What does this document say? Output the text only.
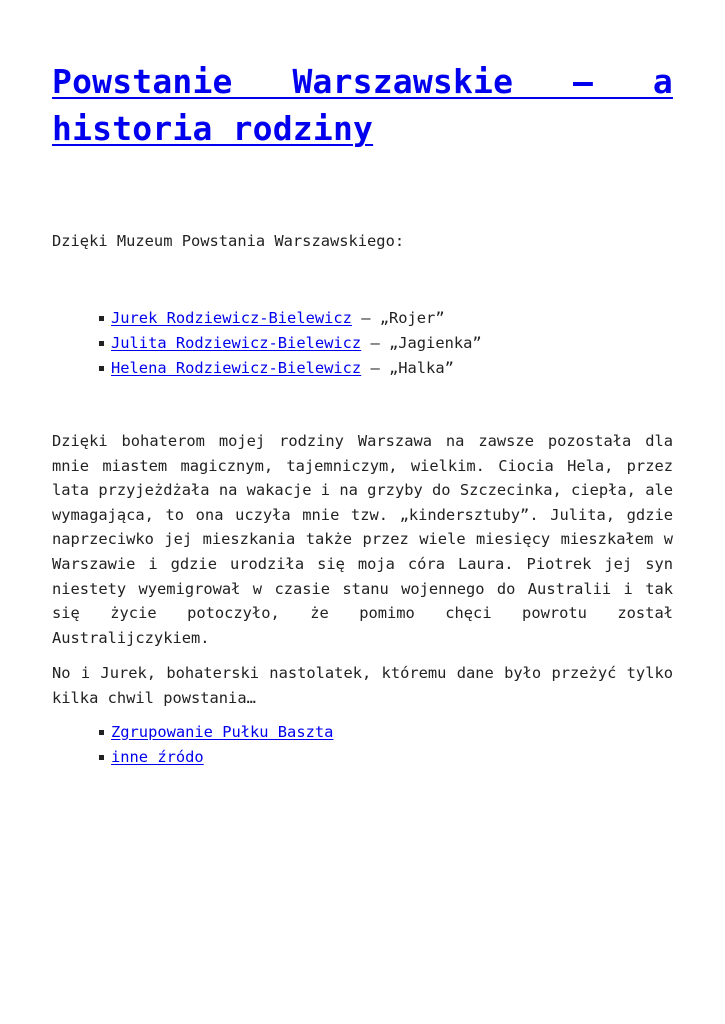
Powstanie Warszawskie – a historia rodziny

Dzięki Muzeum Powstania Warszawskiego:

Jurek Rodziewicz-Bielewicz – „Rojer”
Julita Rodziewicz-Bielewicz – „Jagienka”
Helena Rodziewicz-Bielewicz – „Halka”

Dzięki bohaterom mojej rodziny Warszawa na zawsze pozostała dla mnie miastem magicznym, tajemniczym, wielkim. Ciocia Hela, przez lata przyjeżdżała na wakacje i na grzyby do Szczecinka, ciepła, ale wymagająca, to ona uczyła mnie tzw. „kindersztuby”. Julita, gdzie naprzeciwko jej mieszkania także przez wiele miesięcy mieszkałem w Warszawie i gdzie urodziła się moja córa Laura. Piotrek jej syn niestety wyemigrował w czasie stanu wojennego do Australii i tak się życie potoczyło, że pomimo chęci powrotu został Australijczykiem.

No i Jurek, bohaterski nastolatek, któremu dane było przeżyć tylko kilka chwil powstania…

Zgrupowanie Pułku Baszta
inne źródo
